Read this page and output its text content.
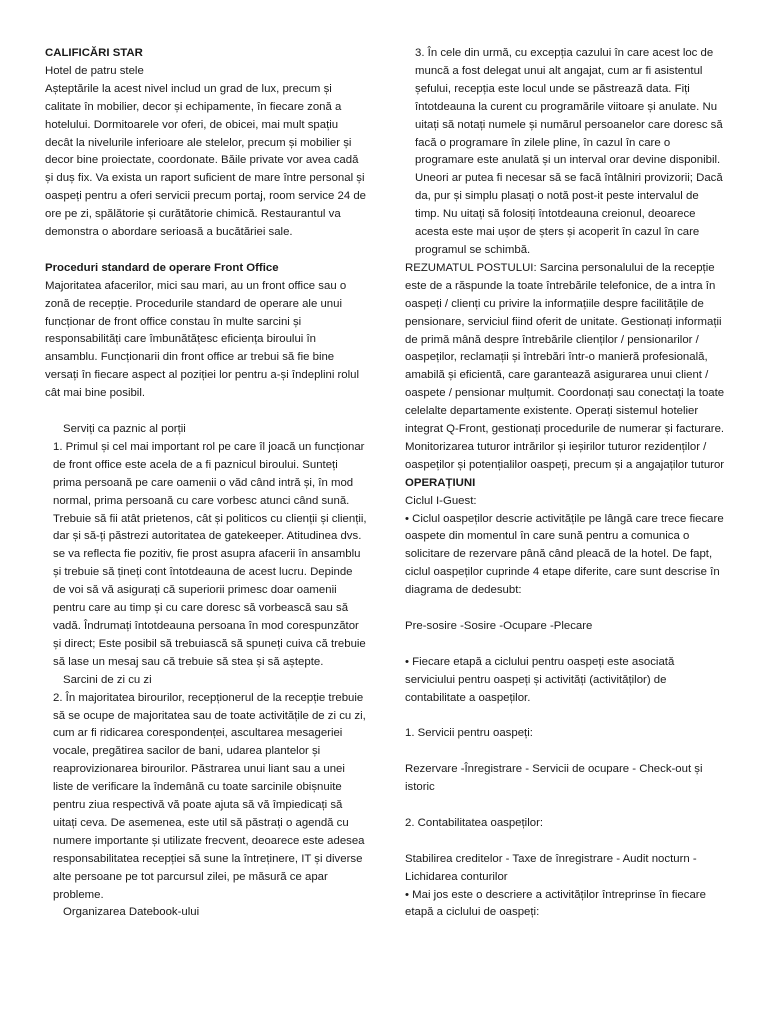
CALIFICĂRI STAR

Hotel de patru stele

Așteptările la acest nivel includ un grad de lux, precum și calitate în mobilier, decor și echipamente, în fiecare zonă a hotelului. Dormitoarele vor oferi, de obicei, mai mult spațiu decât la nivelurile inferioare ale stelelor, precum și mobilier și decor bine proiectate, coordonate. Băile private vor avea cadă și duș fix. Va exista un raport suficient de mare între personal și oaspeți pentru a oferi servicii precum portaj, room service 24 de ore pe zi, spălătorie și curătătorie chimică. Restaurantul va demonstra o abordare serioasă a bucătăriei sale.

Proceduri standard de operare Front Office

Majoritatea afacerilor, mici sau mari, au un front office sau o zonă de recepție. Procedurile standard de operare ale unui funcționar de front office constau în multe sarcini și responsabilități care îmbunătățesc eficiența biroului în ansamblu. Funcționarii din front office ar trebui să fie bine versați în fiecare aspect al poziției lor pentru a-și îndeplini rolul cât mai bine posibil.

Serviți ca paznic al porții

1. Primul și cel mai important rol pe care îl joacă un funcționar de front office este acela de a fi paznicul biroului. Sunteți prima persoană pe care oamenii o văd când intră și, în mod normal, prima persoană cu care vorbesc atunci când sună. Trebuie să fii atât prietenos, cât și politicos cu clienții și clienții, dar și să-ți păstrezi autoritatea de gatekeeper. Atitudinea dvs. se va reflecta fie pozitiv, fie prost asupra afacerii în ansamblu și trebuie să țineți cont întotdeauna de acest lucru. Depinde de voi să vă asigurați că superiorii primesc doar oamenii pentru care au timp și cu care doresc să vorbească sau să vadă. Îndrumați întotdeauna persoana în mod corespunzător și direct; Este posibil să trebuiască să spuneți cuiva că trebuie să lase un mesaj sau că trebuie să stea și să aștepte.

Sarcini de zi cu zi

2. În majoritatea birourilor, recepționerul de la recepție trebuie să se ocupe de majoritatea sau de toate activitățile de zi cu zi, cum ar fi ridicarea corespondenței, ascultarea mesageriei vocale, pregătirea sacilor de bani, udarea plantelor și reaprovizionarea birourilor. Păstrarea unui liant sau a unei liste de verificare la îndemână cu toate sarcinile obișnuite pentru ziua respectivă vă poate ajuta să vă împiedicați să uitați ceva. De asemenea, este util să păstrați o agendă cu numere importante și utilizate frecvent, deoarece este adesea responsabilitatea recepției să sune la întreținere, IT și diverse alte persoane pe tot parcursul zilei, pe măsură ce apar probleme.

Organizarea Datebook-ului

3. În cele din urmă, cu excepția cazului în care acest loc de muncă a fost delegat unui alt angajat, cum ar fi asistentul șefului, recepția este locul unde se păstrează data. Fiți întotdeauna la curent cu programările viitoare și anulate. Nu uitați să notați numele și numărul persoanelor care doresc să facă o programare în zilele pline, în cazul în care o programare este anulată și un interval orar devine disponibil. Uneori ar putea fi necesar să se facă întâlniri provizorii; Dacă da, pur și simplu plasați o notă post-it peste intervalul de timp. Nu uitați să folosiți întotdeauna creionul, deoarece acesta este mai ușor de șters și acoperit în cazul în care programul se schimbă.

REZUMATUL POSTULUI: Sarcina personalului de la recepție este de a răspunde la toate întrebările telefonice, de a intra în oaspeți / clienți cu privire la informațiile despre facilitățile de pensionare, serviciul fiind oferit de unitate. Gestionați informații de primă mână despre întrebările clienților / pensionarilor / oaspeților, reclamații și întrebări într-o manieră profesională, amabilă și eficientă, care garantează asigurarea unui client / oaspete / pensionar mulțumit. Coordonați sau conectați la toate celelalte departamente existente. Operați sistemul hotelier integrat Q-Front, gestionați procedurile de numerar și facturare. Monitorizarea tuturor intrărilor și ieșirilor tuturor rezidenților / oaspeților și potențialilor oaspeți, precum și a angajaților tuturor

OPERAȚIUNI

Ciclul I-Guest:

• Ciclul oaspeților descrie activitățile pe lângă care trece fiecare oaspete din momentul în care sună pentru a comunica o solicitare de rezervare până când pleacă de la hotel. De fapt, ciclul oaspeților cuprinde 4 etape diferite, care sunt descrise în diagrama de dedesubt:

Pre-sosire -Sosire -Ocupare -Plecare

• Fiecare etapă a ciclului pentru oaspeți este asociată serviciului pentru oaspeți și activități (activităților) de contabilitate a oaspeților.

1. Servicii pentru oaspeți:

Rezervare -Înregistrare - Servicii de ocupare - Check-out și istoric

2. Contabilitatea oaspeților:

Stabilirea creditelor - Taxe de înregistrare - Audit nocturn - Lichidarea conturilor

• Mai jos este o descriere a activităților întreprinse în fiecare etapă a ciclului de oaspeți:
